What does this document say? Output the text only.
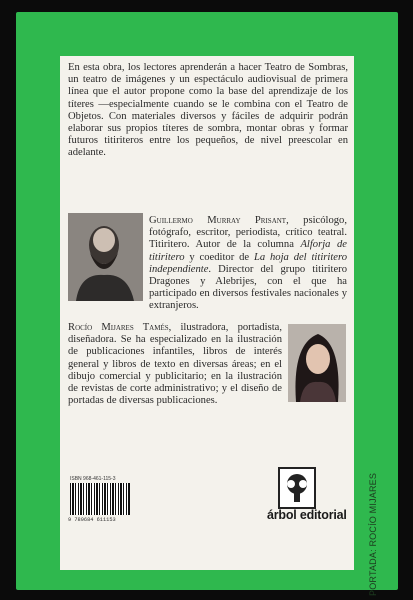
En esta obra, los lectores aprenderán a hacer Teatro de Sombras, un teatro de imágenes y un espectáculo audiovisual de primera línea que el autor propone como la base del aprendizaje de los títeres —especialmente cuando se le combina con el Teatro de Objetos. Con materiales diversos y fáciles de adquirir podrán elaborar sus propios títeres de sombra, montar obras y formar futuros titiriteros entre los pequeños, de nivel preescolar en adelante.

Guillermo Murray Prisant, psicólogo, fotógrafo, escritor, periodista, crítico teatral. Titiritero. Autor de la columna Alforja de titiritero y coeditor de La hoja del titiritero independiente. Director del grupo titiritero Dragones y Alebrijes, con el que ha participado en diversos festivales nacionales y extranjeros.

Rocío Mijares Tamés, ilustradora, portadista, diseñadora. Se ha especializado en la ilustración de publicaciones infantiles, libros de interés general y libros de texto en diversas áreas; en el dibujo comercial y publicitario; en la ilustración de revistas de corte administrativo; y el diseño de portadas de diversas publicaciones.

ISBN 968-461-115-3
9 789684 611153	árbol editorial PORTADA: ROCÍO MIJARES
